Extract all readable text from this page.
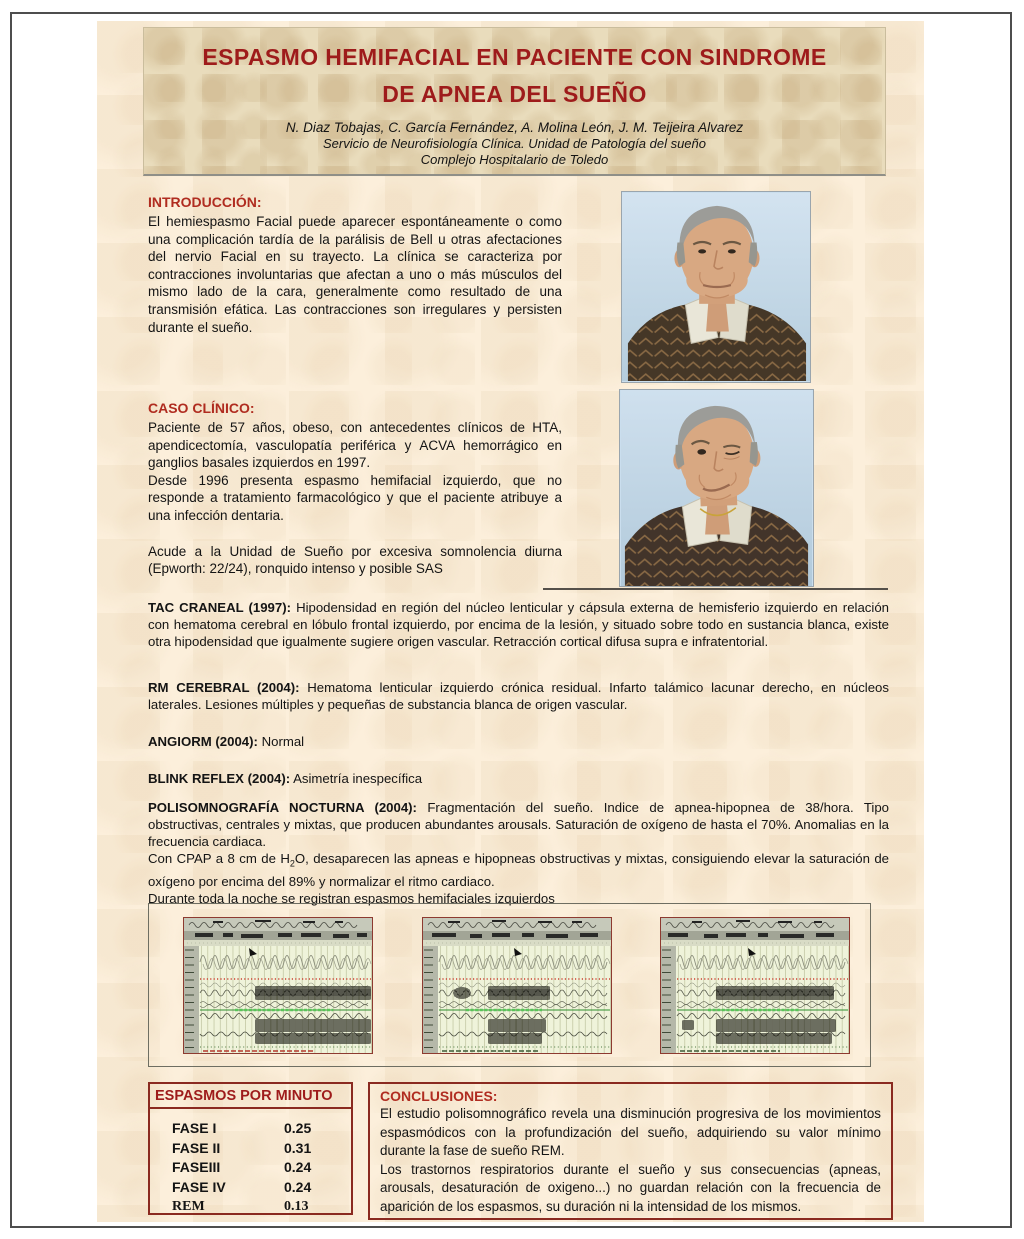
ESPASMO HEMIFACIAL EN PACIENTE CON SINDROME
DE APNEA DEL SUEÑO

N. Diaz Tobajas, C. García Fernández, A. Molina León, J. M. Teijeira Alvarez

Servicio de Neurofisiología Clínica. Unidad de Patología del sueño

Complejo Hospitalario de Toledo

INTRODUCCIÓN:

El hemiespasmo Facial puede aparecer espontáneamente o como una complicación tardía de la parálisis de Bell u otras afectaciones del nervio Facial en su trayecto. La clínica se caracteriza por contracciones involuntarias que afectan a uno o más músculos del mismo lado de la cara, generalmente como resultado de una transmisión efática. Las contracciones son irregulares y persisten durante el sueño.

CASO CLÍNICO:

Paciente de 57 años, obeso, con antecedentes clínicos de HTA, apendicectomía, vasculopatía periférica y ACVA hemorrágico en ganglios basales izquierdos en 1997.

Desde 1996 presenta espasmo hemifacial izquierdo, que no responde a tratamiento farmacológico y que el paciente atribuye a una infección dentaria.

Acude a la Unidad de Sueño por excesiva somnolencia diurna (Epworth: 22/24), ronquido intenso y posible SAS

TAC CRANEAL (1997): Hipodensidad en región del núcleo lenticular y cápsula externa de hemisferio izquierdo en relación con hematoma cerebral en lóbulo frontal izquierdo, por encima de la lesión, y situado sobre todo en sustancia blanca, existe otra hipodensidad que igualmente sugiere origen vascular. Retracción cortical difusa supra e infratentorial.

RM CEREBRAL (2004): Hematoma lenticular izquierdo crónica residual. Infarto talámico lacunar derecho, en núcleos laterales. Lesiones múltiples y pequeñas de substancia blanca de origen vascular.

ANGIORM (2004): Normal

BLINK REFLEX (2004): Asimetría inespecífica

POLISOMNOGRAFÍA NOCTURNA (2004): Fragmentación del sueño. Indice de apnea-hipopnea de 38/hora. Tipo obstructivas, centrales y mixtas, que producen abundantes arousals. Saturación de oxígeno de hasta el 70%. Anomalias en la frecuencia cardiaca.

Con CPAP a 8 cm de $H_2O$, desaparecen las apneas e hipopneas obstructivas y mixtas, consiguiendo elevar la saturación de oxígeno por encima del 89% y normalizar el ritmo cardiaco.

Durante toda la noche se registran espasmos hemifaciales izquierdos

ESPASMOS POR MINUTO
FASE I	0.25
FASE II	0.31
FASEIII	0.24
FASE IV	0.24
REM	0.13
CONCLUSIONES:

El estudio polisomnográfico revela una disminución progresiva de los movimientos espasmódicos con la profundización del sueño, adquiriendo su valor mínimo durante la fase de sueño REM.

Los trastornos respiratorios durante el sueño y sus consecuencias (apneas, arousals, desaturación de oxigeno...) no guardan relación con la frecuencia de aparición de los espasmos, su duración ni la intensidad de los mismos.
